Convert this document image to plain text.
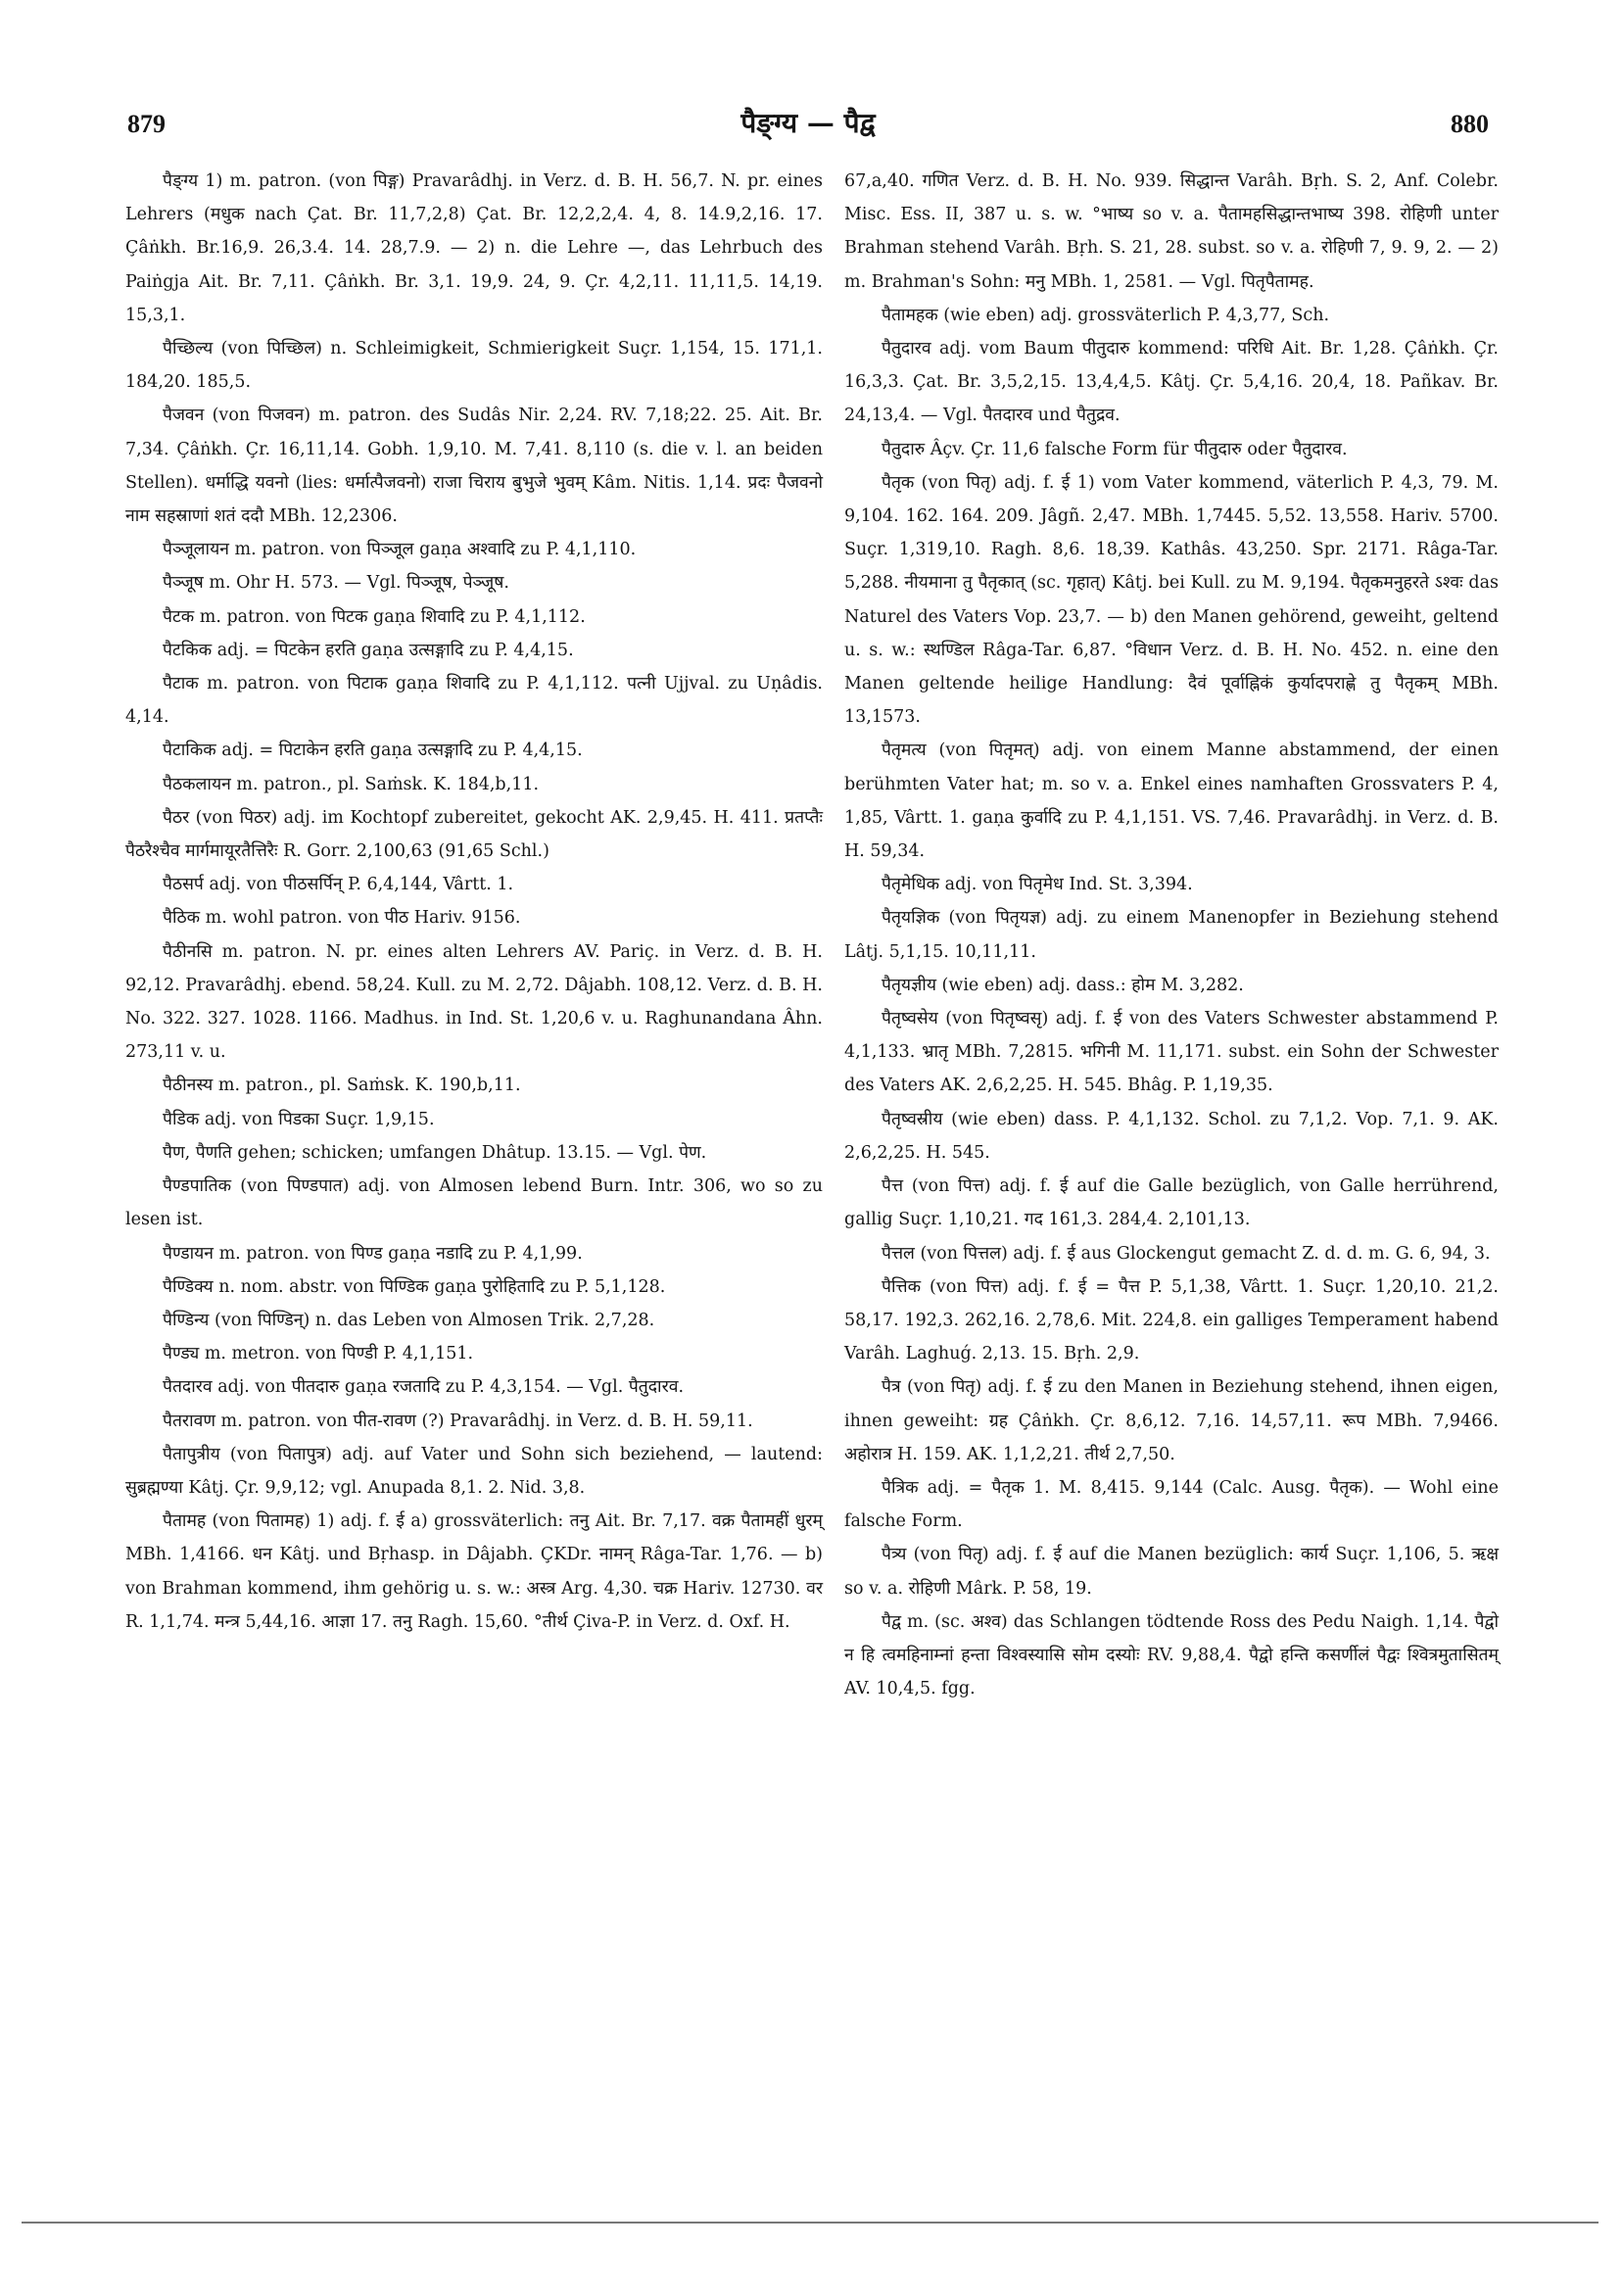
879	पैङ्ग्य — पैद्व	880

पैङ्ग्य 1) m. patron. (von पिङ्ग) Pravarâdhj. in Verz. d. B. H. 56,7. N. pr. eines Lehrers (मधुक nach Çat. Br. 11,7,2,8) Çat. Br. 12,2,2,4. 4, 8. 14.9,2,16. 17. Çâṅkh. Br.16,9. 26,3.4. 14. 28,7.9. — 2) n. die Lehre —, das Lehrbuch des Paiṅgja Ait. Br. 7,11. Çâṅkh. Br. 3,1. 19,9. 24, 9. Çr. 4,2,11. 11,11,5. 14,19. 15,3,1.

पैच्छिल्य (von पिच्छिल) n. Schleimigkeit, Schmierigkeit Suçr. 1,154, 15. 171,1. 184,20. 185,5.

पैजवन (von पिजवन) m. patron. des Sudâs Nir. 2,24. RV. 7,18;22. 25. Ait. Br. 7,34. Çâṅkh. Çr. 16,11,14. Gobh. 1,9,10. M. 7,41. 8,110 (s. die v. l. an beiden Stellen). धर्माद्धि यवनो (lies: धर्मात्पैजवनो) राजा चिराय बुभुजे भुवम् Kâm. Nitis. 1,14. प्रदः पैजवनो नाम सहस्राणां शतं ददौ MBh. 12,2306.

पैञ्जूलायन m. patron. von पिञ्जूल gaṇa अश्वादि zu P. 4,1,110.

पैञ्जूष m. Ohr H. 573. — Vgl. पिञ्जूष, पेञ्जूष.

पैटक m. patron. von पिटक gaṇa शिवादि zu P. 4,1,112.

पैटकिक adj. = पिटकेन हरति gaṇa उत्सङ्गादि zu P. 4,4,15.

पैटाक m. patron. von पिटाक gaṇa शिवादि zu P. 4,1,112. पत्नी Ujjval. zu Uṇâdis. 4,14.

पैटाकिक adj. = पिटाकेन हरति gaṇa उत्सङ्गादि zu P. 4,4,15.

पैठकलायन m. patron., pl. Saṁsk. K. 184,b,11.

पैठर (von पिठर) adj. im Kochtopf zubereitet, gekocht AK. 2,9,45. H. 411. प्रतप्तैः पैठरैश्चैव मार्गमायूरतैत्तिरैः R. Gorr. 2,100,63 (91,65 Schl.)

पैठसर्प adj. von पीठसर्पिन् P. 6,4,144, Vârtt. 1.

पैठिक m. wohl patron. von पीठ Hariv. 9156.

पैठीनसि m. patron. N. pr. eines alten Lehrers AV. Pariç. in Verz. d. B. H. 92,12. Pravarâdhj. ebend. 58,24. Kull. zu M. 2,72. Dâjabh. 108,12. Verz. d. B. H. No. 322. 327. 1028. 1166. Madhus. in Ind. St. 1,20,6 v. u. Raghunandana Âhn. 273,11 v. u.

पैठीनस्य m. patron., pl. Saṁsk. K. 190,b,11.

पैडिक adj. von पिडका Suçr. 1,9,15.

पैण, पैणति gehen; schicken; umfangen Dhâtup. 13.15. — Vgl. पेण.

पैण्डपातिक (von पिण्डपात) adj. von Almosen lebend Burn. Intr. 306, wo so zu lesen ist.

पैण्डायन m. patron. von पिण्ड gaṇa नडादि zu P. 4,1,99.

पैण्डिक्य n. nom. abstr. von पिण्डिक gaṇa पुरोहितादि zu P. 5,1,128.

पैण्डिन्य (von पिण्डिन्) n. das Leben von Almosen Trik. 2,7,28.

पैण्ड्य m. metron. von पिण्डी P. 4,1,151.

पैतदारव adj. von पीतदारु gaṇa रजतादि zu P. 4,3,154. — Vgl. पैतुदारव.

पैतरावण m. patron. von पीत-रावण (?) Pravarâdhj. in Verz. d. B. H. 59,11.

पैतापुत्रीय (von पितापुत्र) adj. auf Vater und Sohn sich beziehend, — lautend: सुब्रह्मण्या Kâtj. Çr. 9,9,12; vgl. Anupada 8,1. 2. Nid. 3,8.

पैतामह (von पितामह) 1) adj. f. ई a) grossväterlich: तनु Ait. Br. 7,17. वक्र पैतामहीं धुरम् MBh. 1,4166. धन Kâtj. und Bṛhasp. in Dâjabh. ÇKDr. नामन् Râga-Tar. 1,76. — b) von Brahman kommend, ihm gehörig u. s. w.: अस्त्र Arg. 4,30. चक्र Hariv. 12730. वर R. 1,1,74. मन्त्र 5,44,16. आज्ञा 17. तनु Ragh. 15,60. °तीर्थ Çiva-P. in Verz. d. Oxf. H.

67,a,40. गणित Verz. d. B. H. No. 939. सिद्धान्त Varâh. Bṛh. S. 2, Anf. Colebr. Misc. Ess. II, 387 u. s. w. °भाष्य so v. a. पैतामहसिद्धान्तभाष्य 398. रोहिणी unter Brahman stehend Varâh. Bṛh. S. 21, 28. subst. so v. a. रोहिणी 7, 9. 9, 2. — 2) m. Brahman's Sohn: मनु MBh. 1, 2581. — Vgl. पितृपैतामह.

पैतामहक (wie eben) adj. grossväterlich P. 4,3,77, Sch.

पैतुदारव adj. vom Baum पीतुदारु kommend: परिधि Ait. Br. 1,28. Çâṅkh. Çr. 16,3,3. Çat. Br. 3,5,2,15. 13,4,4,5. Kâtj. Çr. 5,4,16. 20,4, 18. Pañkav. Br. 24,13,4. — Vgl. पैतदारव und पैतुद्रव.

पैतुदारु Âçv. Çr. 11,6 falsche Form für पीतुदारु oder पैतुदारव.

पैतृक (von पितृ) adj. f. ई 1) vom Vater kommend, väterlich P. 4,3, 79. M. 9,104. 162. 164. 209. Jâgñ. 2,47. MBh. 1,7445. 5,52. 13,558. Hariv. 5700. Suçr. 1,319,10. Ragh. 8,6. 18,39. Kathâs. 43,250. Spr. 2171. Râga-Tar. 5,288. नीयमाना तु पैतृकात् (sc. गृहात्) Kâtj. bei Kull. zu M. 9,194. पैतृकमनुहरते ऽश्वः das Naturel des Vaters Vop. 23,7. — b) den Manen gehörend, geweiht, geltend u. s. w.: स्थण्डिल Râga-Tar. 6,87. °विधान Verz. d. B. H. No. 452. n. eine den Manen geltende heilige Handlung: दैवं पूर्वाह्निकं कुर्यादपराह्णे तु पैतृकम् MBh. 13,1573.

पैतृमत्य (von पितृमत्) adj. von einem Manne abstammend, der einen berühmten Vater hat; m. so v. a. Enkel eines namhaften Grossvaters P. 4, 1,85, Vârtt. 1. gaṇa कुर्वादि zu P. 4,1,151. VS. 7,46. Pravarâdhj. in Verz. d. B. H. 59,34.

पैतृमेधिक adj. von पितृमेध Ind. St. 3,394.

पैतृयज्ञिक (von पितृयज्ञ) adj. zu einem Manenopfer in Beziehung stehend Lâtj. 5,1,15. 10,11,11.

पैतृयज्ञीय (wie eben) adj. dass.: होम M. 3,282.

पैतृष्वसेय (von पितृष्वसृ) adj. f. ई von des Vaters Schwester abstammend P. 4,1,133. भ्रातृ MBh. 7,2815. भगिनी M. 11,171. subst. ein Sohn der Schwester des Vaters AK. 2,6,2,25. H. 545. Bhâg. P. 1,19,35.

पैतृष्वस्रीय (wie eben) dass. P. 4,1,132. Schol. zu 7,1,2. Vop. 7,1. 9. AK. 2,6,2,25. H. 545.

पैत्त (von पित्त) adj. f. ई auf die Galle bezüglich, von Galle herrührend, gallig Suçr. 1,10,21. गद 161,3. 284,4. 2,101,13.

पैत्तल (von पित्तल) adj. f. ई aus Glockengut gemacht Z. d. d. m. G. 6, 94, 3.

पैत्तिक (von पित्त) adj. f. ई = पैत्त P. 5,1,38, Vârtt. 1. Suçr. 1,20,10. 21,2. 58,17. 192,3. 262,16. 2,78,6. Mit. 224,8. ein galliges Temperament habend Varâh. Laghuǵ. 2,13. 15. Bṛh. 2,9.

पैत्र (von पितृ) adj. f. ई zu den Manen in Beziehung stehend, ihnen eigen, ihnen geweiht: ग्रह Çâṅkh. Çr. 8,6,12. 7,16. 14,57,11. रूप MBh. 7,9466. अहोरात्र H. 159. AK. 1,1,2,21. तीर्थ 2,7,50.

पैत्रिक adj. = पैतृक 1. M. 8,415. 9,144 (Calc. Ausg. पैतृक). — Wohl eine falsche Form.

पैत्र्य (von पितृ) adj. f. ई auf die Manen bezüglich: कार्य Suçr. 1,106, 5. ऋक्ष so v. a. रोहिणी Mârk. P. 58, 19.

पैद्व m. (sc. अश्व) das Schlangen tödtende Ross des Pedu Naigh. 1,14. पैद्वो न हि त्वमहिनाम्नां हन्ता विश्वस्यासि सोम दस्योः RV. 9,88,4. पैद्वो हन्ति कसर्णीलं पैद्वः श्वित्रमुतासितम् AV. 10,4,5. fgg.
